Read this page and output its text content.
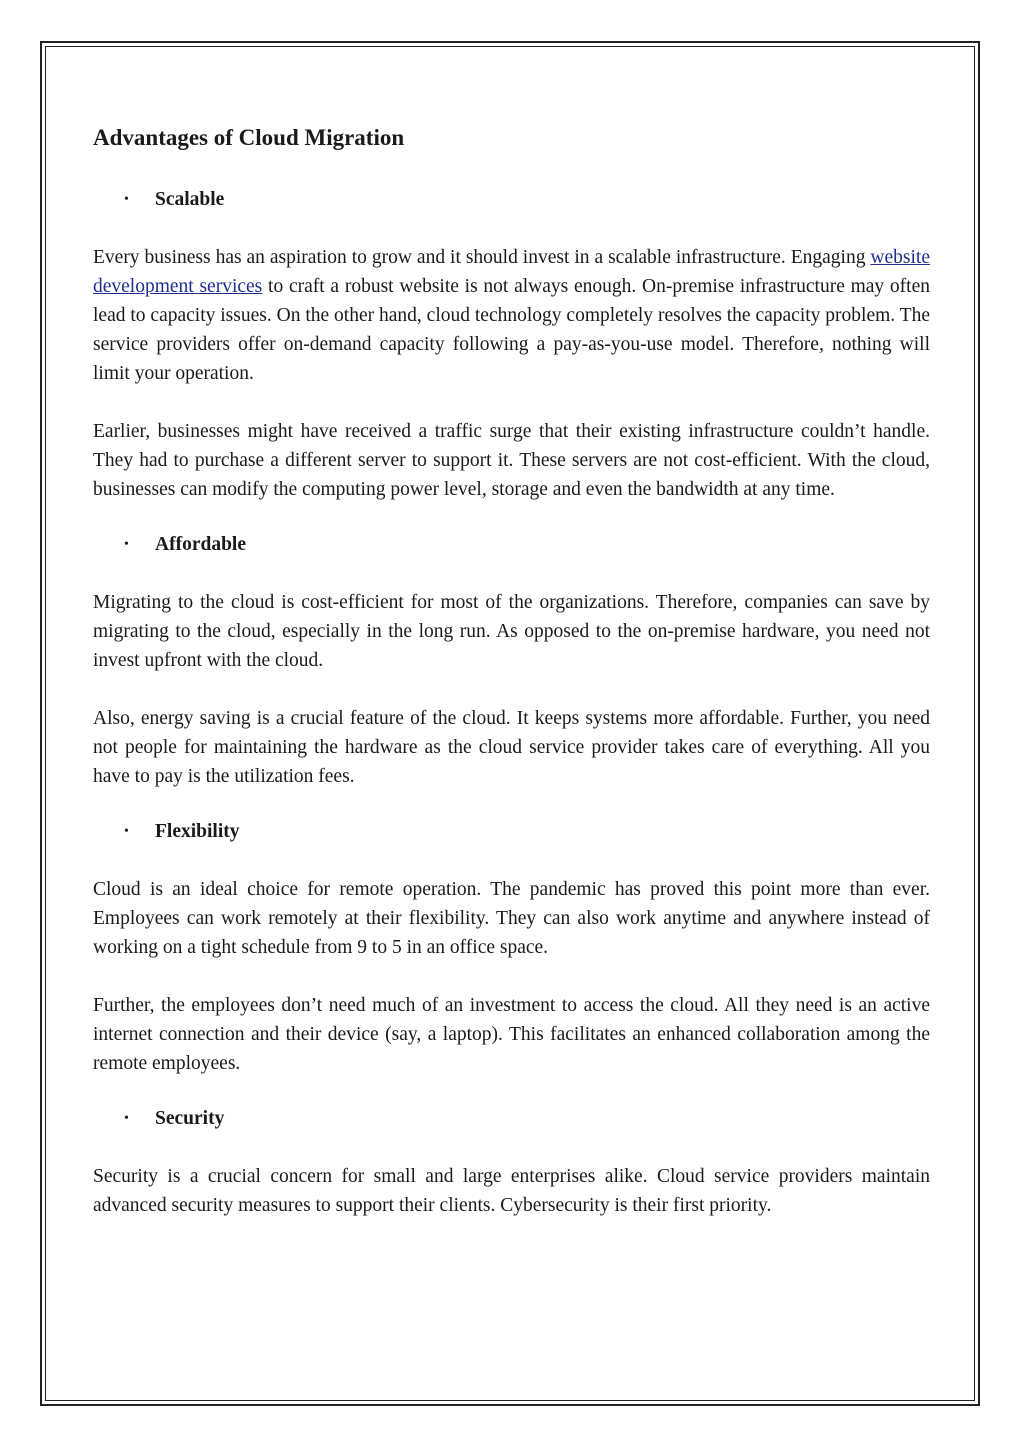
Advantages of Cloud Migration
•	Scalable

Every business has an aspiration to grow and it should invest in a scalable infrastructure. Engaging website development services to craft a robust website is not always enough. On-premise infrastructure may often lead to capacity issues. On the other hand, cloud technology completely resolves the capacity problem. The service providers offer on-demand capacity following a pay-as-you-use model. Therefore, nothing will limit your operation.

Earlier, businesses might have received a traffic surge that their existing infrastructure couldn’t handle. They had to purchase a different server to support it. These servers are not cost-efficient. With the cloud, businesses can modify the computing power level, storage and even the bandwidth at any time.

•	Affordable

Migrating to the cloud is cost-efficient for most of the organizations. Therefore, companies can save by migrating to the cloud, especially in the long run. As opposed to the on-premise hardware, you need not invest upfront with the cloud.

Also, energy saving is a crucial feature of the cloud. It keeps systems more affordable. Further, you need not people for maintaining the hardware as the cloud service provider takes care of everything. All you have to pay is the utilization fees.

•	Flexibility

Cloud is an ideal choice for remote operation. The pandemic has proved this point more than ever. Employees can work remotely at their flexibility. They can also work anytime and anywhere instead of working on a tight schedule from 9 to 5 in an office space.

Further, the employees don’t need much of an investment to access the cloud. All they need is an active internet connection and their device (say, a laptop). This facilitates an enhanced collaboration among the remote employees.

•	Security

Security is a crucial concern for small and large enterprises alike. Cloud service providers maintain advanced security measures to support their clients. Cybersecurity is their first priority.
